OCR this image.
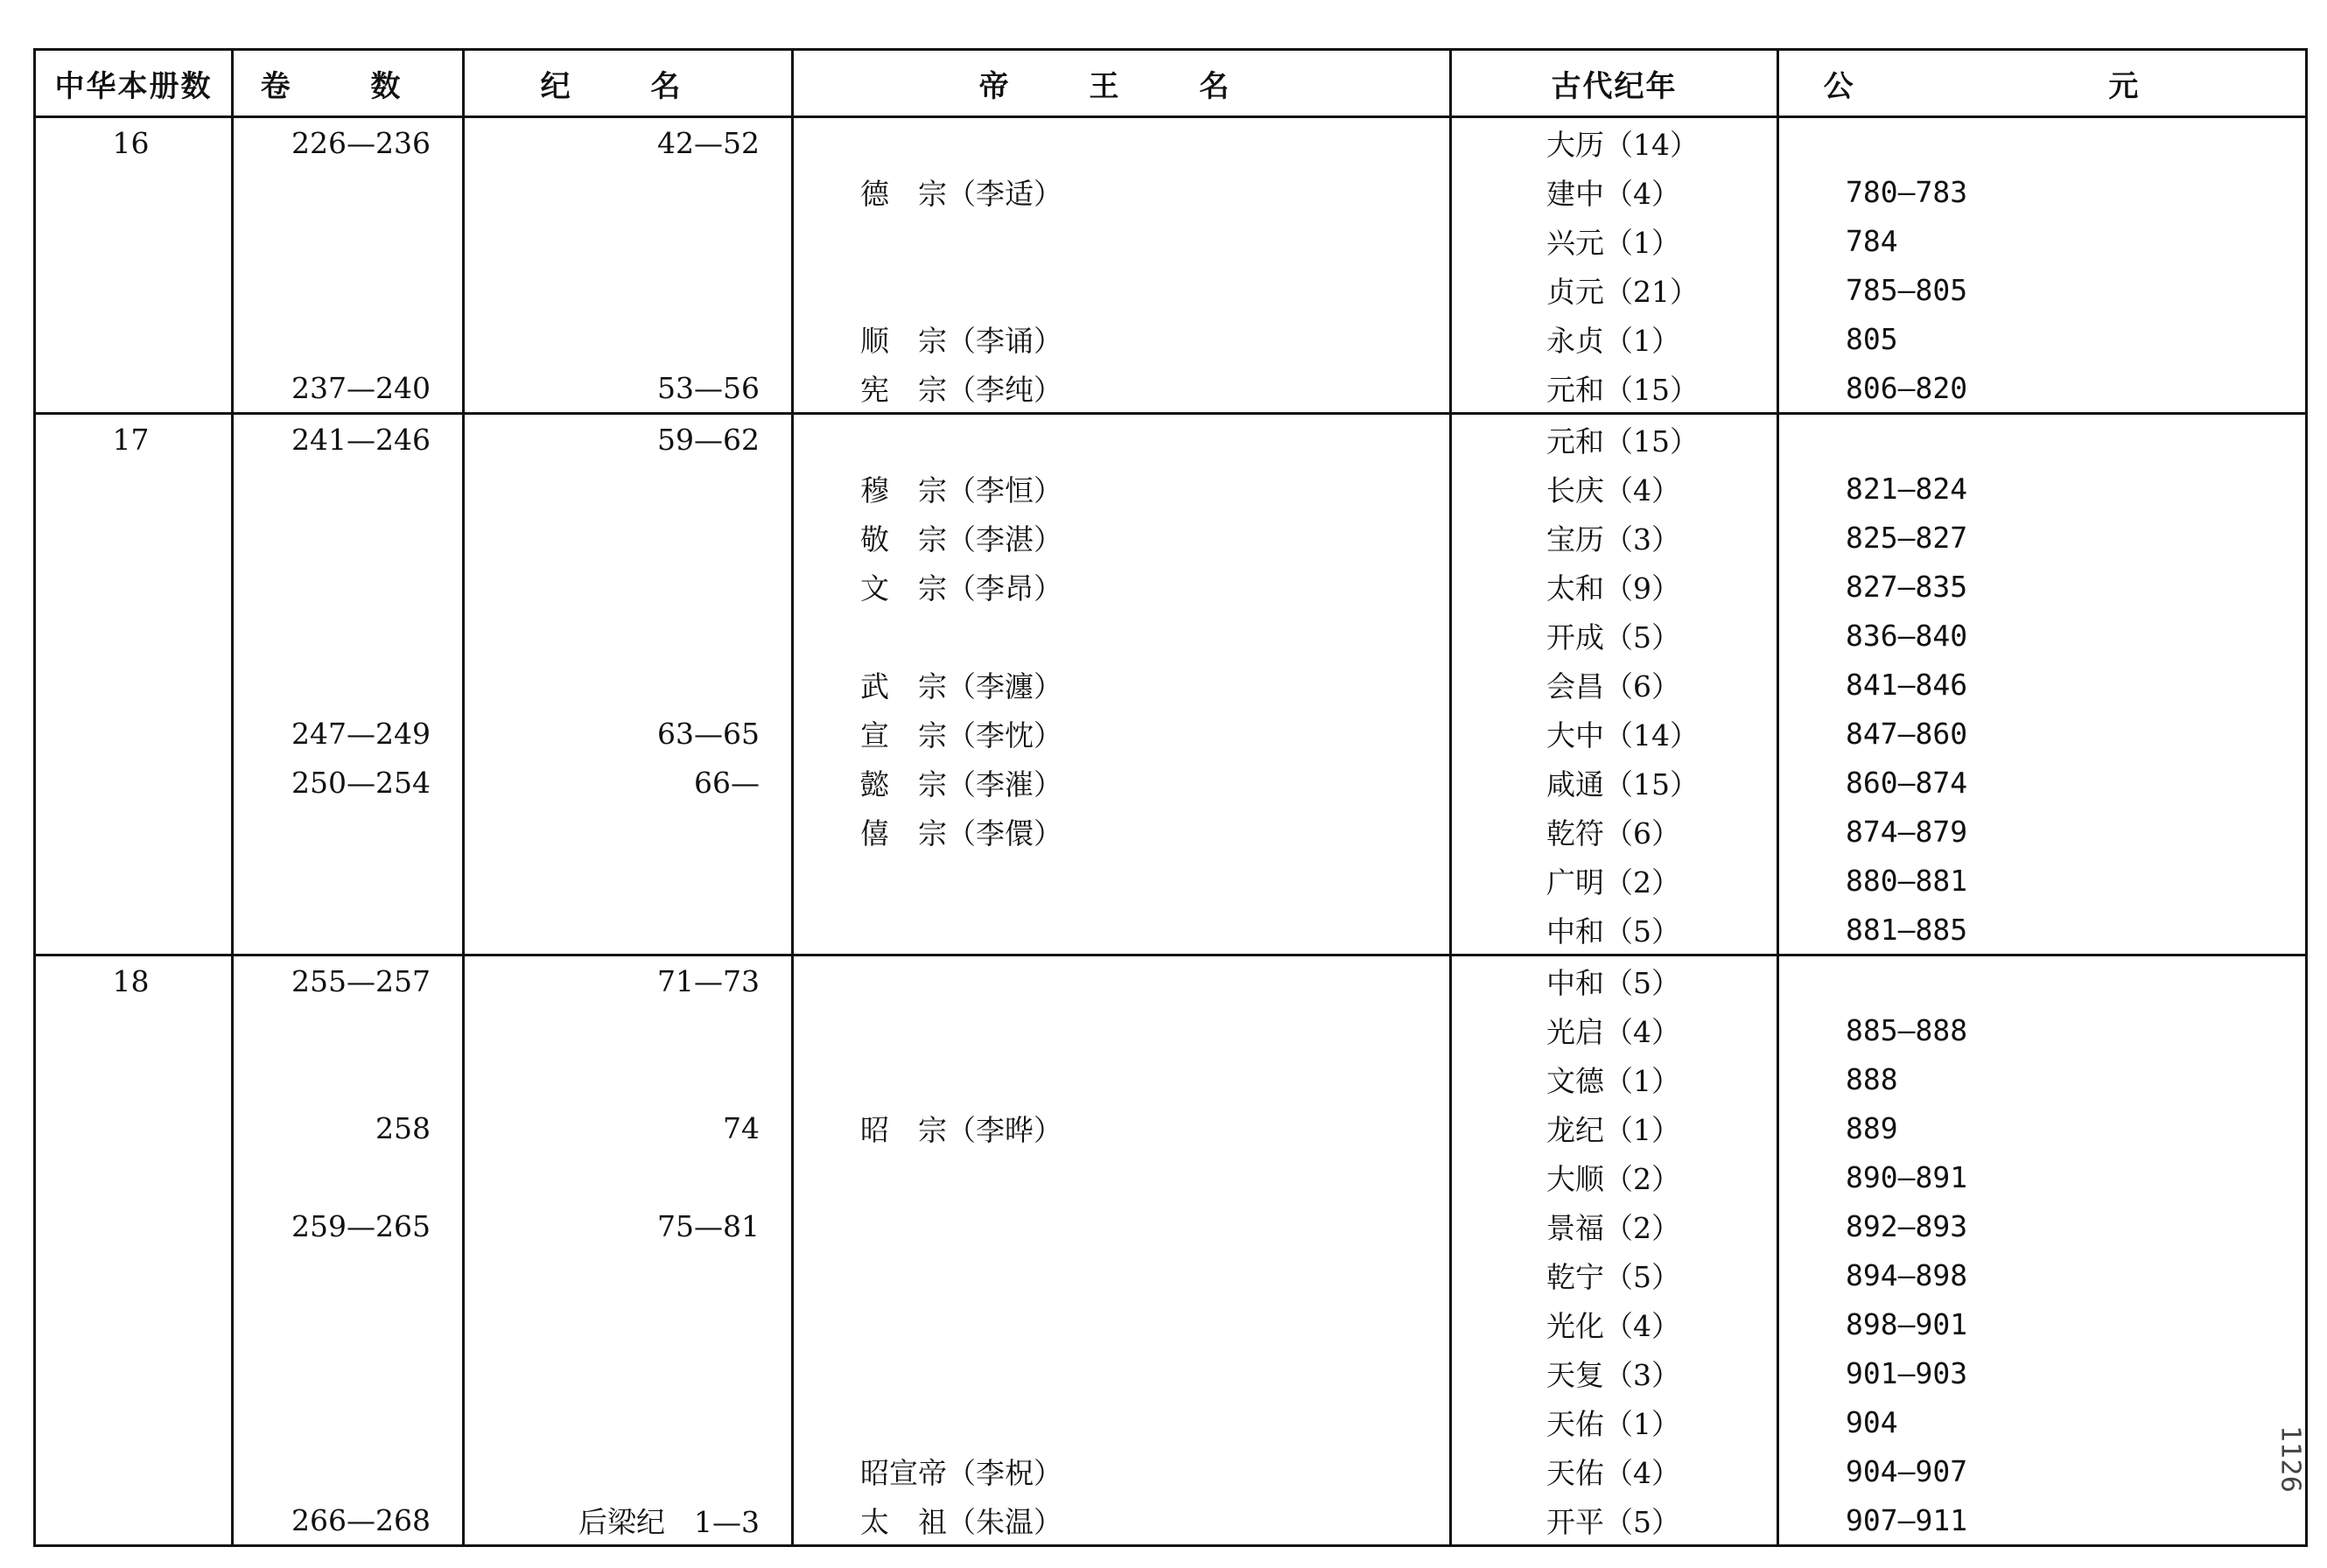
中华本册数	卷 数	纪 名	帝 王 名	古代纪年	公 元
16	226—236	42—52		大历（14）	
			德　宗（李适）	建中（4）	780—783
				兴元（1）	784
				贞元（21）	785—805
			顺　宗（李诵）	永贞（1）	805
	237—240	53—56	宪　宗（李纯）	元和（15）	806—820
17	241—246	59—62		元和（15）	
			穆　宗（李恒）	长庆（4）	821—824
			敬　宗（李湛）	宝历（3）	825—827
			文　宗（李昂）	太和（9）	827—835
				开成（5）	836—840
			武　宗（李瀍）	会昌（6）	841—846
	247—249	63—65	宣　宗（李忱）	大中（14）	847—860
	250—254	66—	懿　宗（李漼）	咸通（15）	860—874
			僖　宗（李儇）	乾符（6）	874—879
				广明（2）	880—881
				中和（5）	881—885
18	255—257	71—73		中和（5）	
				光启（4）	885—888
				文德（1）	888
	258	74	昭　宗（李晔）	龙纪（1）	889
				大顺（2）	890—891
	259—265	75—81		景福（2）	892—893
				乾宁（5）	894—898
				光化（4）	898—901
				天复（3）	901—903
				天佑（1）	904
			昭宣帝（李柷）	天佑（4）	904—907
	266—268	后梁纪　1—3	太　祖（朱温）	开平（5）	907—911
1126
